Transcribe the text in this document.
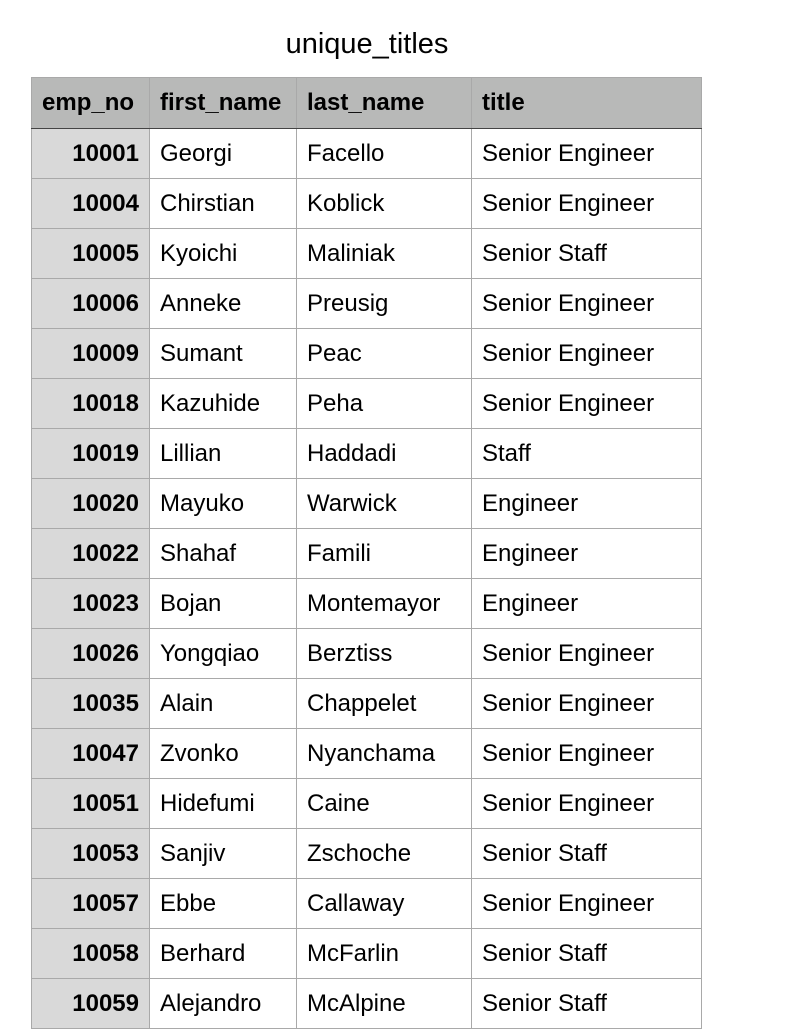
unique_titles
emp_no	first_name	last_name	title
10001	Georgi	Facello	Senior Engineer
10004	Chirstian	Koblick	Senior Engineer
10005	Kyoichi	Maliniak	Senior Staff
10006	Anneke	Preusig	Senior Engineer
10009	Sumant	Peac	Senior Engineer
10018	Kazuhide	Peha	Senior Engineer
10019	Lillian	Haddadi	Staff
10020	Mayuko	Warwick	Engineer
10022	Shahaf	Famili	Engineer
10023	Bojan	Montemayor	Engineer
10026	Yongqiao	Berztiss	Senior Engineer
10035	Alain	Chappelet	Senior Engineer
10047	Zvonko	Nyanchama	Senior Engineer
10051	Hidefumi	Caine	Senior Engineer
10053	Sanjiv	Zschoche	Senior Staff
10057	Ebbe	Callaway	Senior Engineer
10058	Berhard	McFarlin	Senior Staff
10059	Alejandro	McAlpine	Senior Staff
